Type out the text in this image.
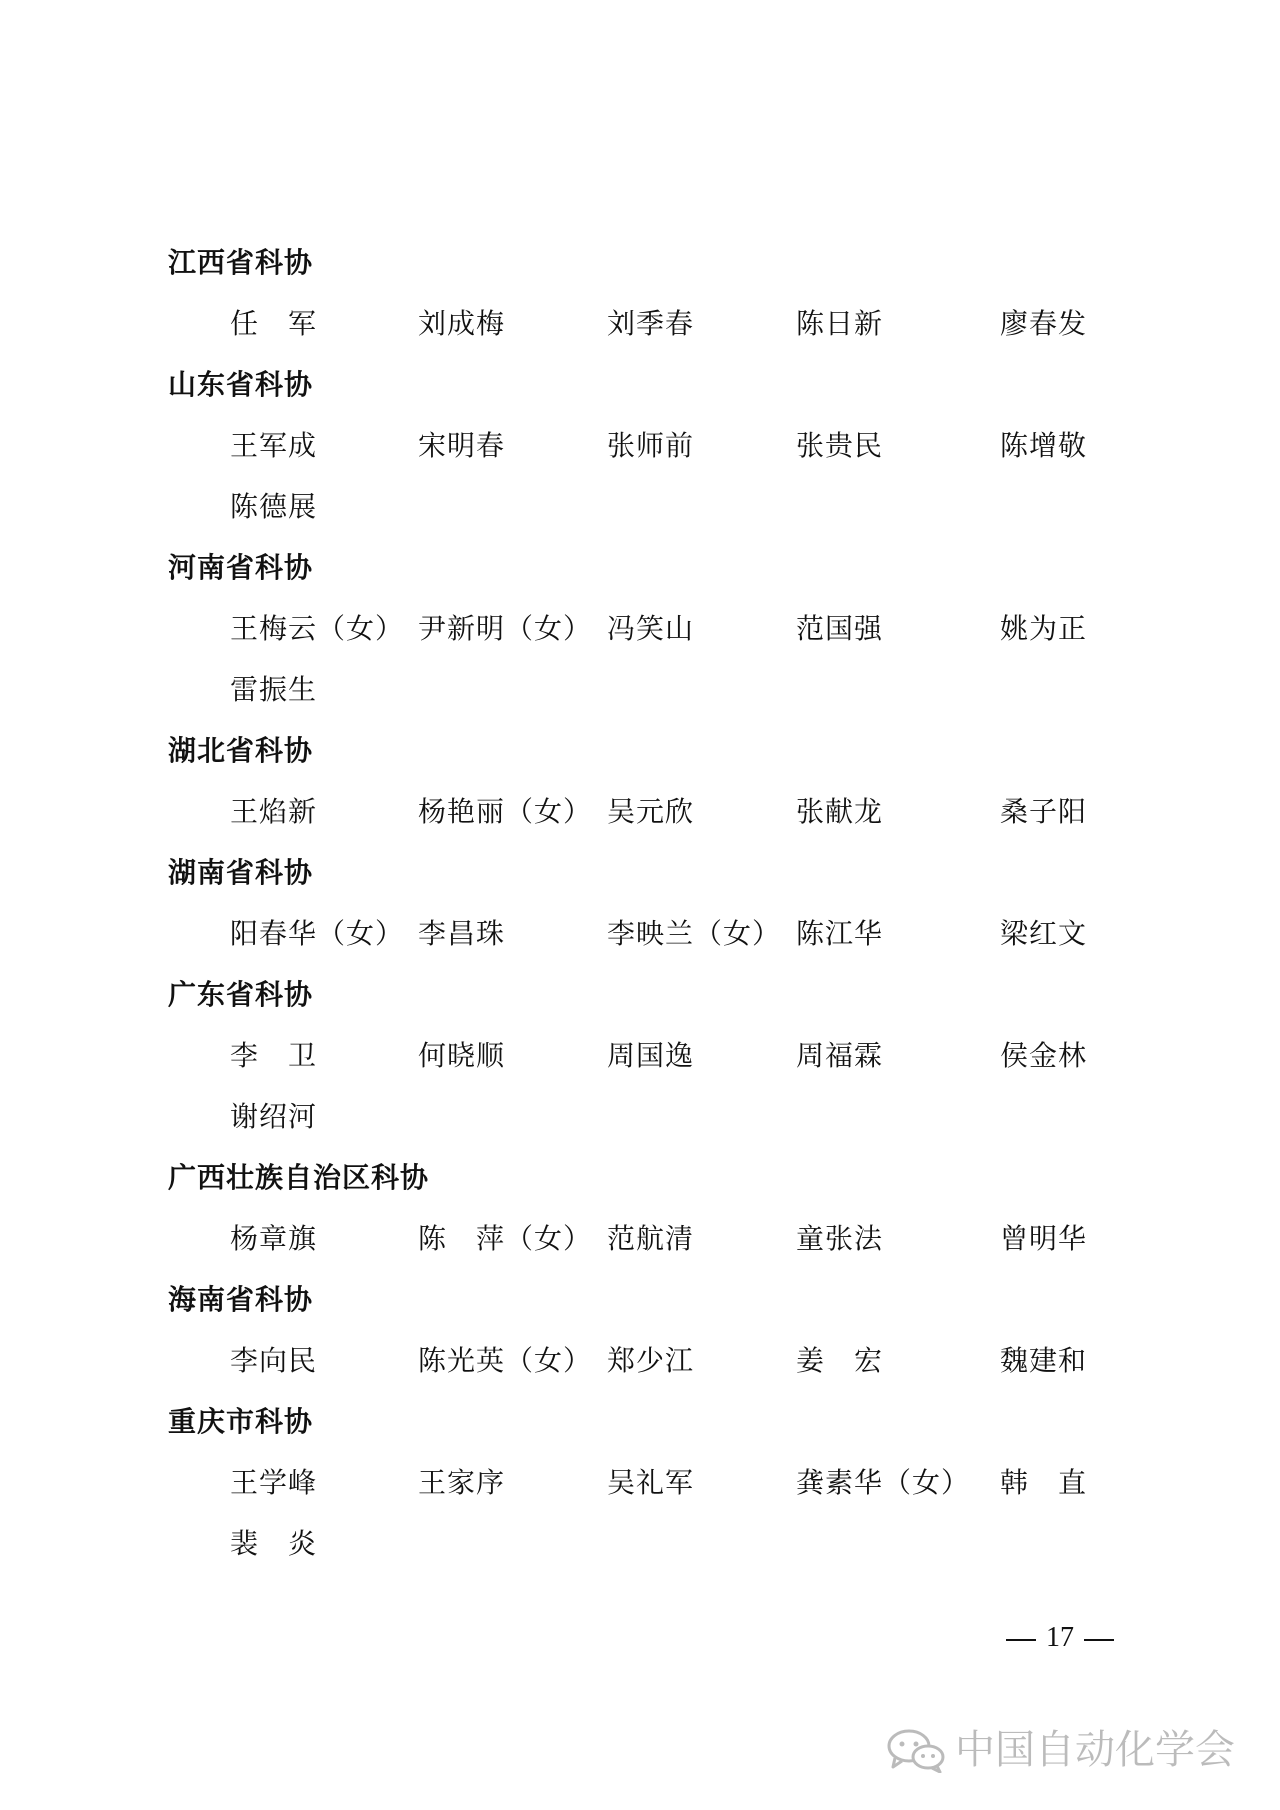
江西省科协
任　军	刘成梅	刘季春	陈日新	廖春发
山东省科协
王军成	宋明春	张师前	张贵民	陈增敬
陈德展
河南省科协
王梅云（女） 尹新明（女） 冯笑山	范国强	姚为正
雷振生
湖北省科协
王焰新	杨艳丽（女） 吴元欣	张献龙	桑子阳
湖南省科协
阳春华（女） 李昌珠	李映兰（女） 陈江华	梁红文
广东省科协
李　卫	何晓顺	周国逸	周福霖	侯金林
谢绍河
广西壮族自治区科协
杨章旗	陈　萍（女） 范航清	童张法	曾明华
海南省科协
李向民	陈光英（女） 郑少江	姜　宏	魏建和
重庆市科协
王学峰	王家序	吴礼军	龚素华（女） 韩　直
裴　炎
17
中国自动化学会
